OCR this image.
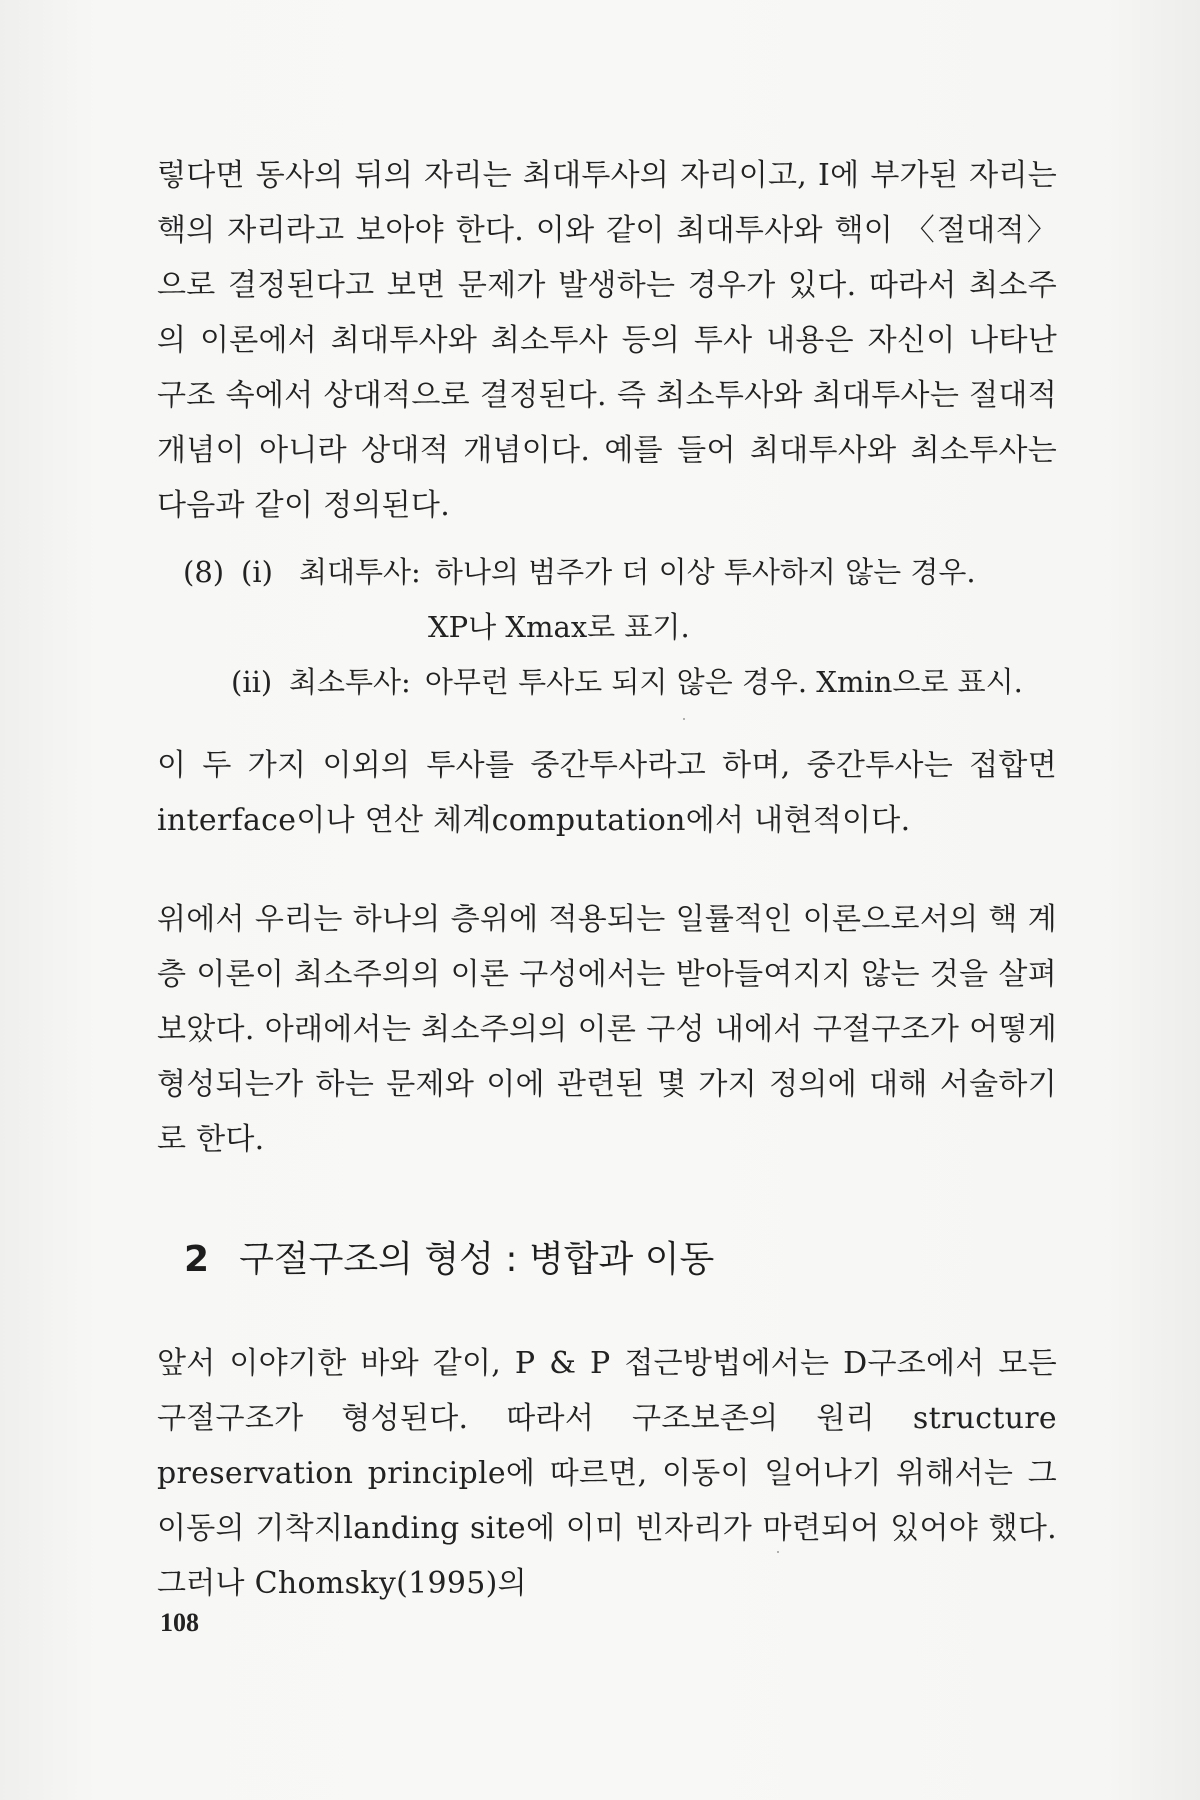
렇다면 동사의 뒤의 자리는 최대투사의 자리이고, I에 부가된 자리는 핵의 자리라고 보아야 한다. 이와 같이 최대투사와 핵이 〈절대적〉으로 결정된다고 보면 문제가 발생하는 경우가 있다. 따라서 최소주의 이론에서 최대투사와 최소투사 등의 투사 내용은 자신이 나타난 구조 속에서 상대적으로 결정된다. 즉 최소투사와 최대투사는 절대적 개념이 아니라 상대적 개념이다. 예를 들어 최대투사와 최소투사는 다음과 같이 정의된다.

(8) (i) 최대투사: 하나의 범주가 더 이상 투사하지 않는 경우.
XP나 Xmax로 표기.
(ii) 최소투사: 아무런 투사도 되지 않은 경우. Xmin으로 표시.

이 두 가지 이외의 투사를 중간투사라고 하며, 중간투사는 접합면 interface이나 연산 체계computation에서 내현적이다.

위에서 우리는 하나의 층위에 적용되는 일률적인 이론으로서의 핵 계층 이론이 최소주의의 이론 구성에서는 받아들여지지 않는 것을 살펴보았다. 아래에서는 최소주의의 이론 구성 내에서 구절구조가 어떻게 형성되는가 하는 문제와 이에 관련된 몇 가지 정의에 대해 서술하기로 한다.

2 구절구조의 형성 : 병합과 이동

앞서 이야기한 바와 같이, P & P 접근방법에서는 D구조에서 모든 구절구조가 형성된다. 따라서 구조보존의 원리 structure preservation principle에 따르면, 이동이 일어나기 위해서는 그 이동의 기착지landing site에 이미 빈자리가 마련되어 있어야 했다. 그러나 Chomsky(1995)의

108
